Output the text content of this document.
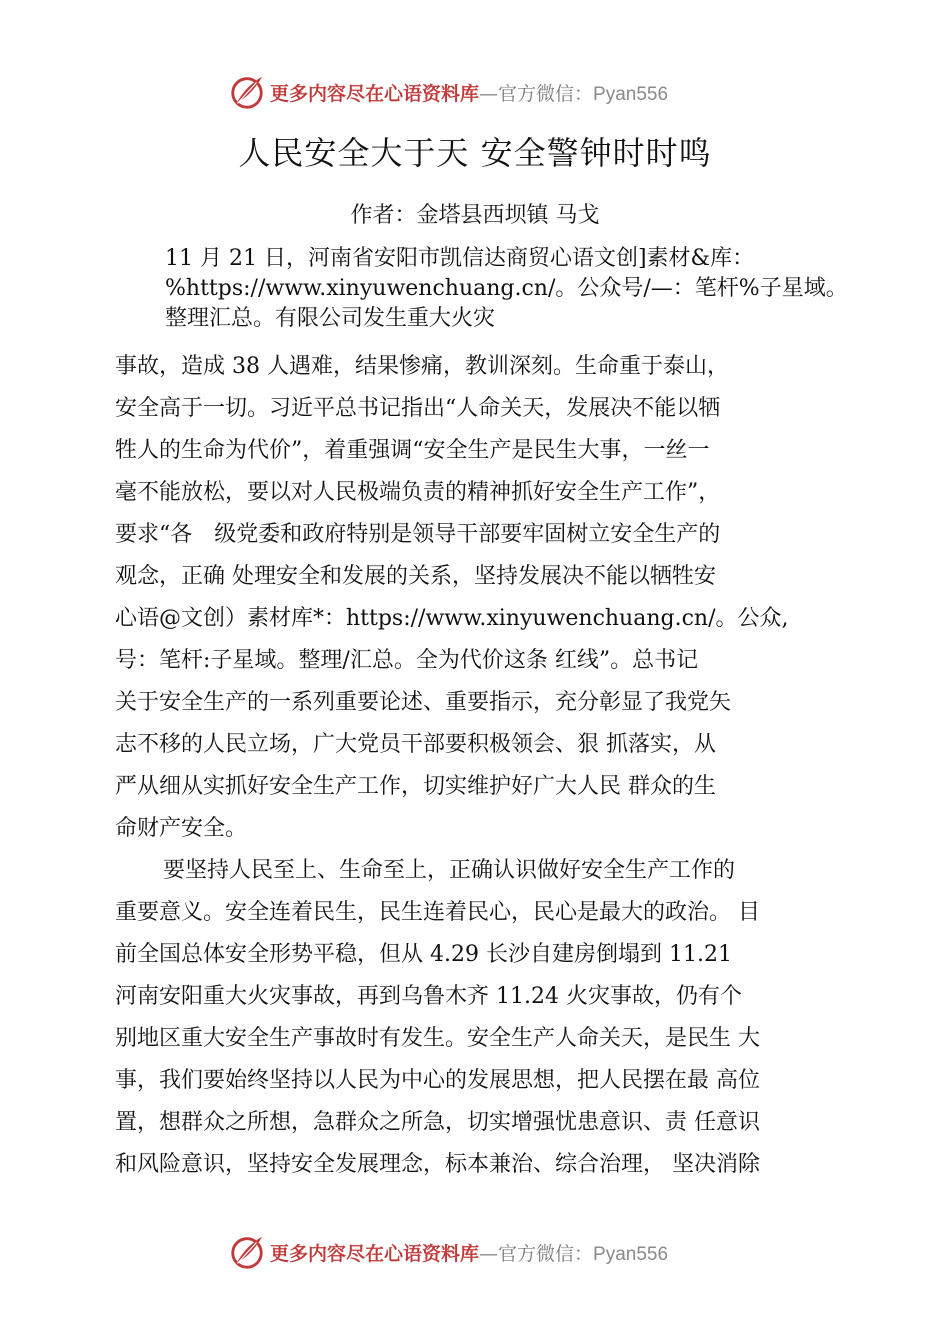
更多内容尽在心语资料库—官方微信：Pyan556
人民安全大于天 安全警钟时时鸣

作者：金塔县西坝镇 马戈

11 月 21 日，河南省安阳市凯信达商贸心语文创]素材&库：%https://www.xinyuwenchuang.cn/。公众号/—：笔杆%子星域。整理汇总。有限公司发生重大火灾

事故，造成 38 人遇难，结果惨痛，教训深刻。生命重于泰山，
安全高于一切。习近平总书记指出“人命关天，发展决不能以牺
牲人的生命为代价”，着重强调“安全生产是民生大事，一丝一
毫不能放松，要以对人民极端负责的精神抓好安全生产工作”，
要求“各　级党委和政府特别是领导干部要牢固树立安全生产的
观念，正确 处理安全和发展的关系，坚持发展决不能以牺牲安
心语@文创）素材库*：https://www.xinyuwenchuang.cn/。公众,
号：笔杆:子星域。整理/汇总。全为代价这条 红线”。总书记
关于安全生产的一系列重要论述、重要指示，充分彰显了我党矢
志不移的人民立场，广大党员干部要积极领会、狠 抓落实，从
严从细从实抓好安全生产工作，切实维护好广大人民 群众的生
命财产安全。

要坚持人民至上、生命至上，正确认识做好安全生产工作的
重要意义。安全连着民生，民生连着民心，民心是最大的政治。 目
前全国总体安全形势平稳，但从 4.29 长沙自建房倒塌到 11.21
河南安阳重大火灾事故，再到乌鲁木齐 11.24 火灾事故，仍有个
别地区重大安全生产事故时有发生。安全生产人命关天，是民生 大
事，我们要始终坚持以人民为中心的发展思想，把人民摆在最 高位
置，想群众之所想，急群众之所急，切实增强忧患意识、责 任意识
和风险意识，坚持安全发展理念，标本兼治、综合治理， 坚决消除

更多内容尽在心语资料库—官方微信：Pyan556
